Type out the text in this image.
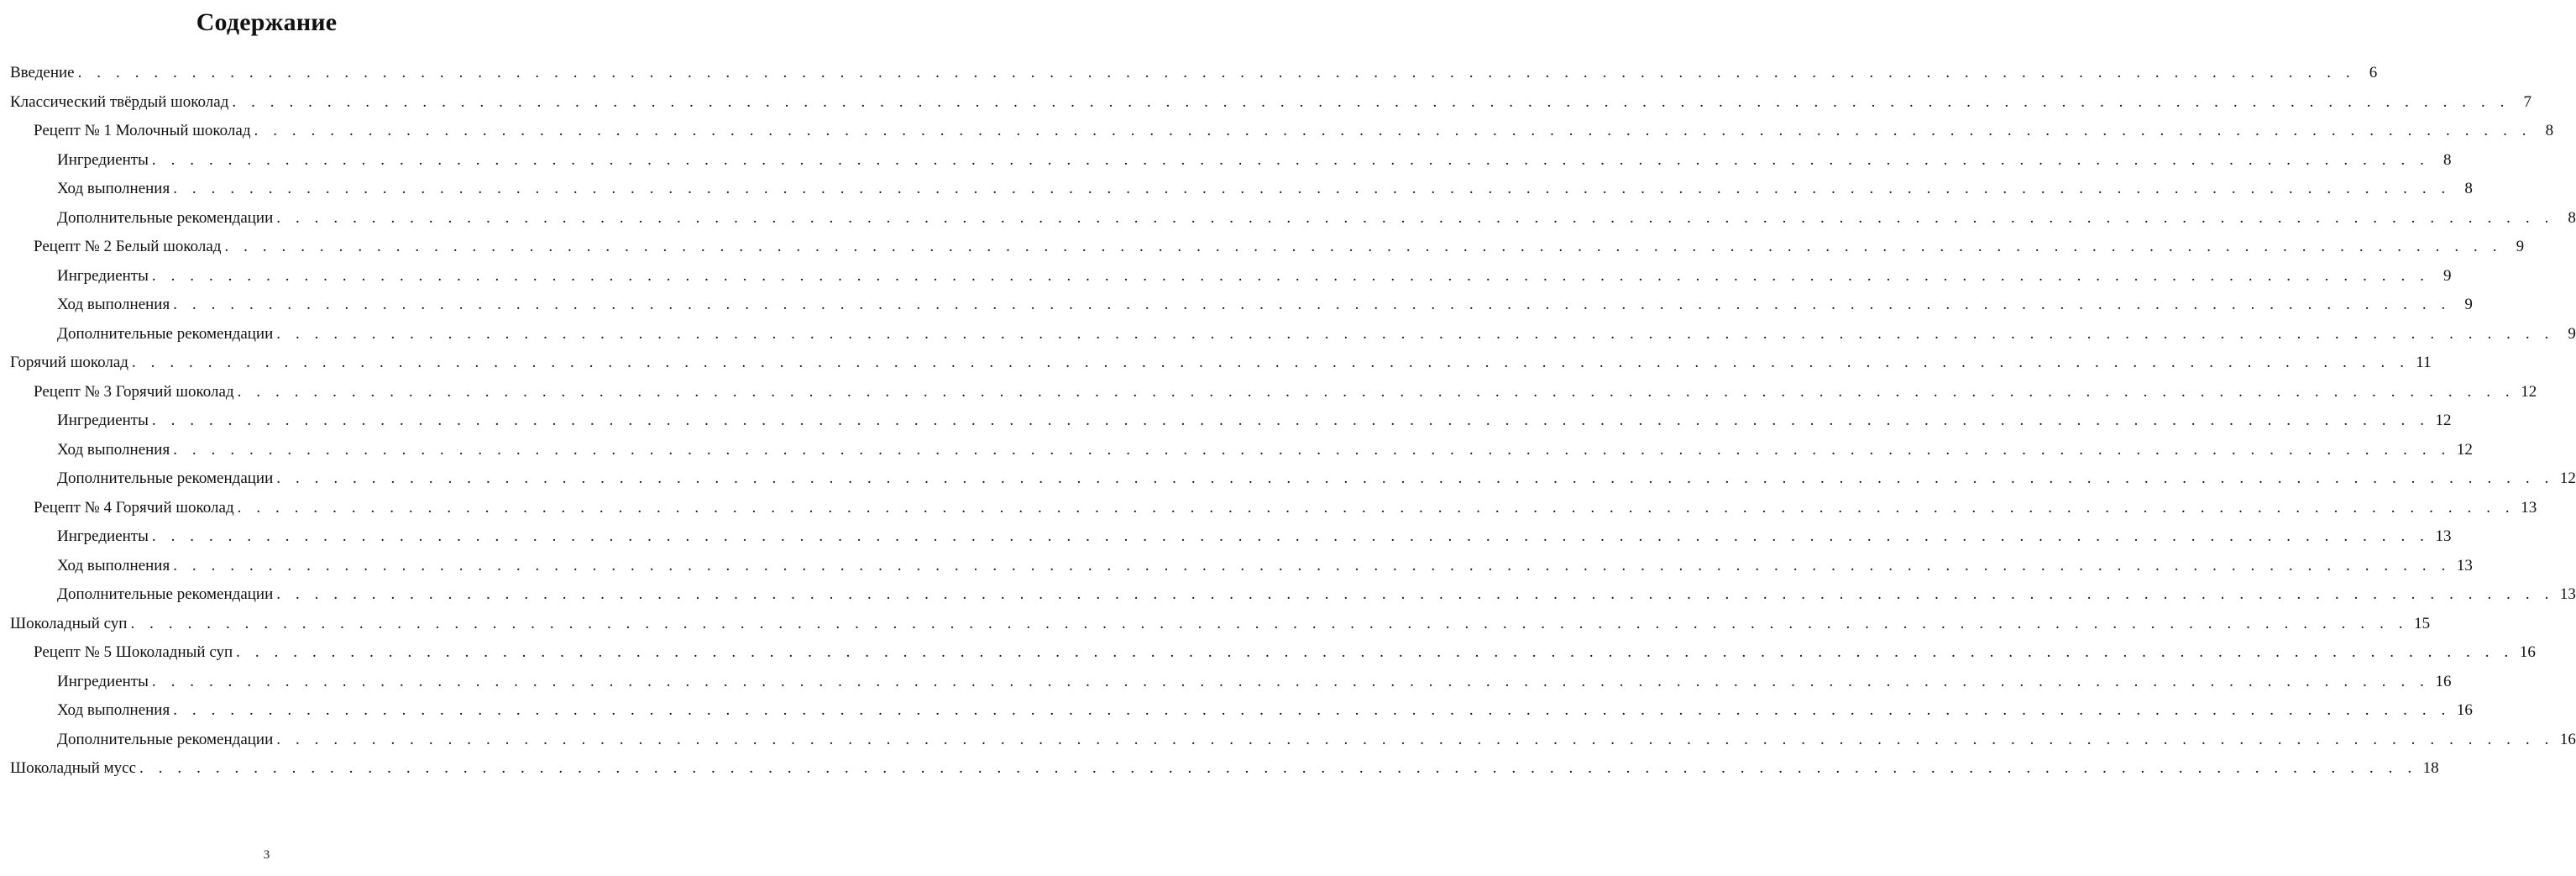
Содержание
Введение . . . . . . . . . . . . . . . . . . . . . . . . . . . . . . . . . . . . . . . . . . . . . . . . . . . . . . . . . . . . . . . . . . . . . . . . . . . . . . . . . . . . . . . . . . . . . . . . . . . . . . . . . . . . . . . . . . . . . . . . 6
Классический твёрдый шоколад . . . . . . . . . . . . . . . . . . . . . . . . . . . . . . . . . . . . . . . . . . . . . . . . . . . . . . . . . . . . . . . . . . . . . . . . . . . . . . . . . . . . . . . . . . . . . . . . . . . . . . . . . . . . . . . . . . . . . . . . 7
Рецепт № 1 Молочный шоколад . . . . . . . . . . . . . . . . . . . . . . . . . . . . . . . . . . . . . . . . . . . . . . . . . . . . . . . . . . . . . . . . . . . . . . . . . . . . . . . . . . . . . . . . . . . . . . . . . . . . . . . . . . . . . . . . . . . . . . . . 8
Ингредиенты . . . . . . . . . . . . . . . . . . . . . . . . . . . . . . . . . . . . . . . . . . . . . . . . . . . . . . . . . . . . . . . . . . . . . . . . . . . . . . . . . . . . . . . . . . . . . . . . . . . . . . . . . . . . . . . . . . . . . . . . 8
Ход выполнения . . . . . . . . . . . . . . . . . . . . . . . . . . . . . . . . . . . . . . . . . . . . . . . . . . . . . . . . . . . . . . . . . . . . . . . . . . . . . . . . . . . . . . . . . . . . . . . . . . . . . . . . . . . . . . . . . . . . . . . . 8
Дополнительные рекомендации . . . . . . . . . . . . . . . . . . . . . . . . . . . . . . . . . . . . . . . . . . . . . . . . . . . . . . . . . . . . . . . . . . . . . . . . . . . . . . . . . . . . . . . . . . . . . . . . . . . . . . . . . . . . . . . . . . . . . . . . 8
Рецепт № 2 Белый шоколад . . . . . . . . . . . . . . . . . . . . . . . . . . . . . . . . . . . . . . . . . . . . . . . . . . . . . . . . . . . . . . . . . . . . . . . . . . . . . . . . . . . . . . . . . . . . . . . . . . . . . . . . . . . . . . . . . . . . . . . . 9
Ингредиенты . . . . . . . . . . . . . . . . . . . . . . . . . . . . . . . . . . . . . . . . . . . . . . . . . . . . . . . . . . . . . . . . . . . . . . . . . . . . . . . . . . . . . . . . . . . . . . . . . . . . . . . . . . . . . . . . . . . . . . . . 9
Ход выполнения . . . . . . . . . . . . . . . . . . . . . . . . . . . . . . . . . . . . . . . . . . . . . . . . . . . . . . . . . . . . . . . . . . . . . . . . . . . . . . . . . . . . . . . . . . . . . . . . . . . . . . . . . . . . . . . . . . . . . . . . 9
Дополнительные рекомендации . . . . . . . . . . . . . . . . . . . . . . . . . . . . . . . . . . . . . . . . . . . . . . . . . . . . . . . . . . . . . . . . . . . . . . . . . . . . . . . . . . . . . . . . . . . . . . . . . . . . . . . . . . . . . . . . . . . . . . . . 9
Горячий шоколад . . . . . . . . . . . . . . . . . . . . . . . . . . . . . . . . . . . . . . . . . . . . . . . . . . . . . . . . . . . . . . . . . . . . . . . . . . . . . . . . . . . . . . . . . . . . . . . . . . . . . . . . . . . . . . . . . . . . . . . . 11
Рецепт № 3 Горячий шоколад . . . . . . . . . . . . . . . . . . . . . . . . . . . . . . . . . . . . . . . . . . . . . . . . . . . . . . . . . . . . . . . . . . . . . . . . . . . . . . . . . . . . . . . . . . . . . . . . . . . . . . . . . . . . . . . . . . . . . . . . 12
Ингредиенты . . . . . . . . . . . . . . . . . . . . . . . . . . . . . . . . . . . . . . . . . . . . . . . . . . . . . . . . . . . . . . . . . . . . . . . . . . . . . . . . . . . . . . . . . . . . . . . . . . . . . . . . . . . . . . . . . . . . . . . . 12
Ход выполнения . . . . . . . . . . . . . . . . . . . . . . . . . . . . . . . . . . . . . . . . . . . . . . . . . . . . . . . . . . . . . . . . . . . . . . . . . . . . . . . . . . . . . . . . . . . . . . . . . . . . . . . . . . . . . . . . . . . . . . . . 12
Дополнительные рекомендации . . . . . . . . . . . . . . . . . . . . . . . . . . . . . . . . . . . . . . . . . . . . . . . . . . . . . . . . . . . . . . . . . . . . . . . . . . . . . . . . . . . . . . . . . . . . . . . . . . . . . . . . . . . . . . . . . . . . . . . . 12
Рецепт № 4 Горячий шоколад . . . . . . . . . . . . . . . . . . . . . . . . . . . . . . . . . . . . . . . . . . . . . . . . . . . . . . . . . . . . . . . . . . . . . . . . . . . . . . . . . . . . . . . . . . . . . . . . . . . . . . . . . . . . . . . . . . . . . . . . 13
Ингредиенты . . . . . . . . . . . . . . . . . . . . . . . . . . . . . . . . . . . . . . . . . . . . . . . . . . . . . . . . . . . . . . . . . . . . . . . . . . . . . . . . . . . . . . . . . . . . . . . . . . . . . . . . . . . . . . . . . . . . . . . . 13
Ход выполнения . . . . . . . . . . . . . . . . . . . . . . . . . . . . . . . . . . . . . . . . . . . . . . . . . . . . . . . . . . . . . . . . . . . . . . . . . . . . . . . . . . . . . . . . . . . . . . . . . . . . . . . . . . . . . . . . . . . . . . . . 13
Дополнительные рекомендации . . . . . . . . . . . . . . . . . . . . . . . . . . . . . . . . . . . . . . . . . . . . . . . . . . . . . . . . . . . . . . . . . . . . . . . . . . . . . . . . . . . . . . . . . . . . . . . . . . . . . . . . . . . . . . . . . . . . . . . . 13
Шоколадный суп . . . . . . . . . . . . . . . . . . . . . . . . . . . . . . . . . . . . . . . . . . . . . . . . . . . . . . . . . . . . . . . . . . . . . . . . . . . . . . . . . . . . . . . . . . . . . . . . . . . . . . . . . . . . . . . . . . . . . . . . 15
Рецепт № 5 Шоколадный суп . . . . . . . . . . . . . . . . . . . . . . . . . . . . . . . . . . . . . . . . . . . . . . . . . . . . . . . . . . . . . . . . . . . . . . . . . . . . . . . . . . . . . . . . . . . . . . . . . . . . . . . . . . . . . . . . . . . . . . . . 16
Ингредиенты . . . . . . . . . . . . . . . . . . . . . . . . . . . . . . . . . . . . . . . . . . . . . . . . . . . . . . . . . . . . . . . . . . . . . . . . . . . . . . . . . . . . . . . . . . . . . . . . . . . . . . . . . . . . . . . . . . . . . . . . 16
Ход выполнения . . . . . . . . . . . . . . . . . . . . . . . . . . . . . . . . . . . . . . . . . . . . . . . . . . . . . . . . . . . . . . . . . . . . . . . . . . . . . . . . . . . . . . . . . . . . . . . . . . . . . . . . . . . . . . . . . . . . . . . . 16
Дополнительные рекомендации . . . . . . . . . . . . . . . . . . . . . . . . . . . . . . . . . . . . . . . . . . . . . . . . . . . . . . . . . . . . . . . . . . . . . . . . . . . . . . . . . . . . . . . . . . . . . . . . . . . . . . . . . . . . . . . . . . . . . . . . 16
Шоколадный мусс . . . . . . . . . . . . . . . . . . . . . . . . . . . . . . . . . . . . . . . . . . . . . . . . . . . . . . . . . . . . . . . . . . . . . . . . . . . . . . . . . . . . . . . . . . . . . . . . . . . . . . . . . . . . . . . . . . . . . . . . 18
3
